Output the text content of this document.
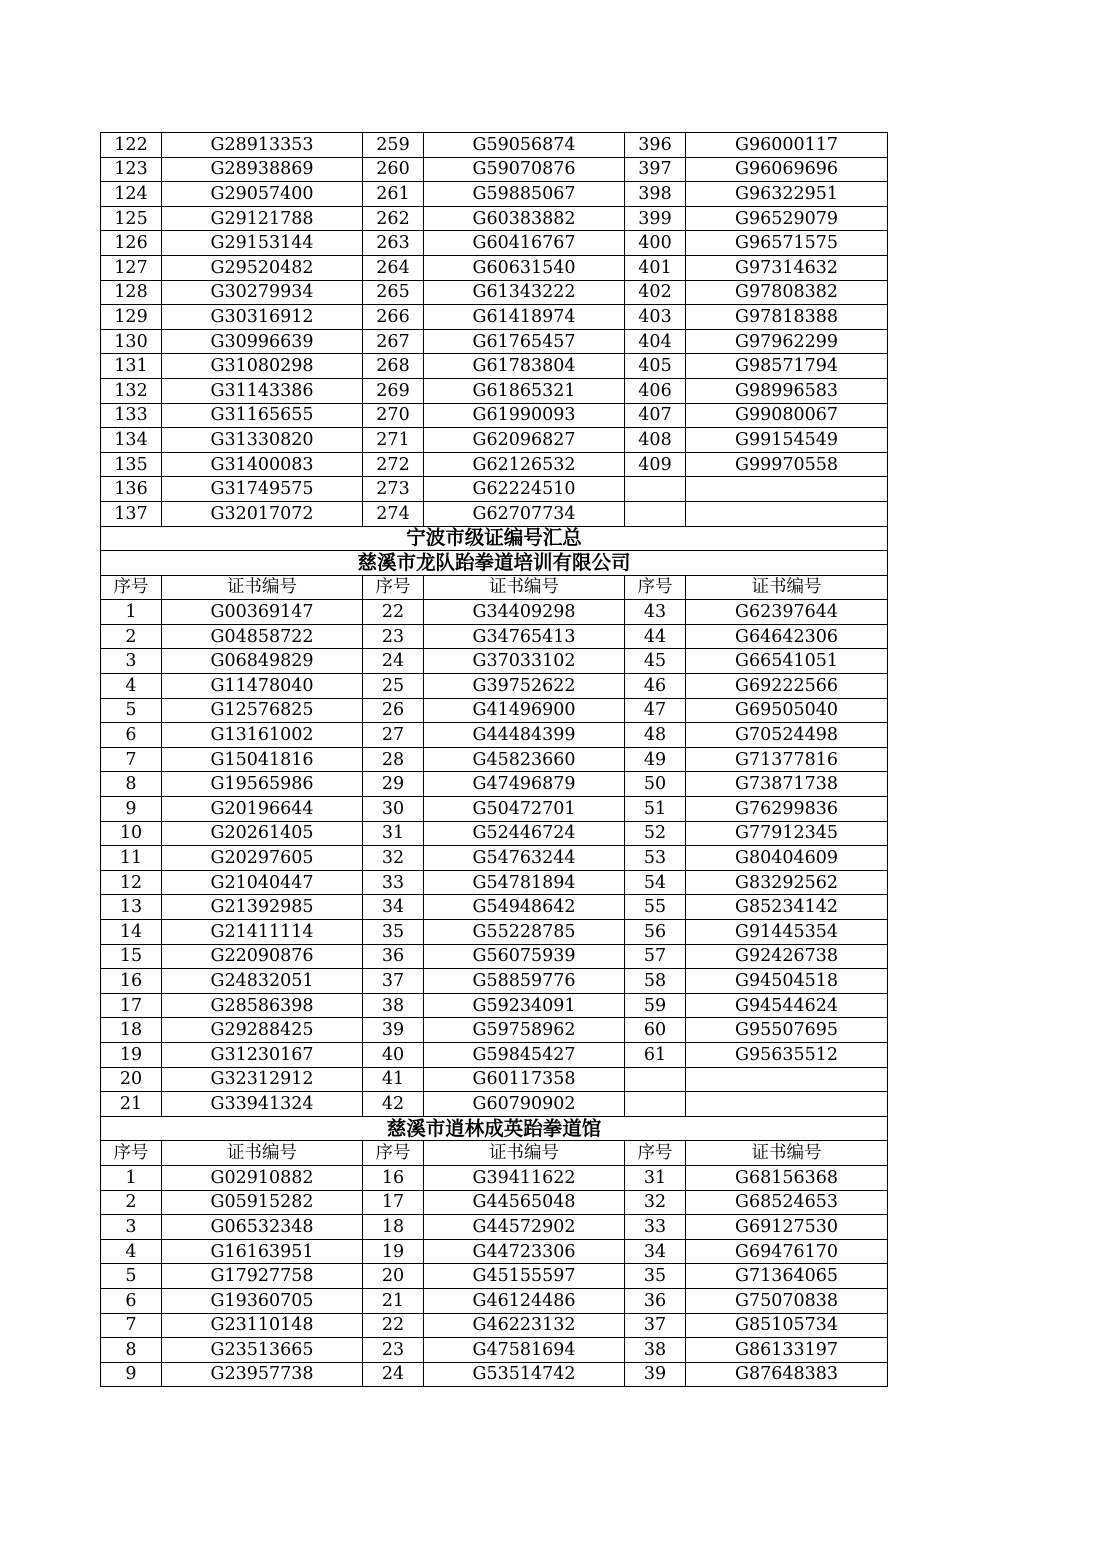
122	G28913353	259	G59056874	396	G96000117
123	G28938869	260	G59070876	397	G96069696
124	G29057400	261	G59885067	398	G96322951
125	G29121788	262	G60383882	399	G96529079
126	G29153144	263	G60416767	400	G96571575
127	G29520482	264	G60631540	401	G97314632
128	G30279934	265	G61343222	402	G97808382
129	G30316912	266	G61418974	403	G97818388
130	G30996639	267	G61765457	404	G97962299
131	G31080298	268	G61783804	405	G98571794
132	G31143386	269	G61865321	406	G98996583
133	G31165655	270	G61990093	407	G99080067
134	G31330820	271	G62096827	408	G99154549
135	G31400083	272	G62126532	409	G99970558
136	G31749575	273	G62224510		
137	G32017072	274	G62707734		
宁波市级证编号汇总					
慈溪市龙队跆拳道培训有限公司					
序号	证书编号	序号	证书编号	序号	证书编号
1	G00369147	22	G34409298	43	G62397644
2	G04858722	23	G34765413	44	G64642306
3	G06849829	24	G37033102	45	G66541051
4	G11478040	25	G39752622	46	G69222566
5	G12576825	26	G41496900	47	G69505040
6	G13161002	27	G44484399	48	G70524498
7	G15041816	28	G45823660	49	G71377816
8	G19565986	29	G47496879	50	G73871738
9	G20196644	30	G50472701	51	G76299836
10	G20261405	31	G52446724	52	G77912345
11	G20297605	32	G54763244	53	G80404609
12	G21040447	33	G54781894	54	G83292562
13	G21392985	34	G54948642	55	G85234142
14	G21411114	35	G55228785	56	G91445354
15	G22090876	36	G56075939	57	G92426738
16	G24832051	37	G58859776	58	G94504518
17	G28586398	38	G59234091	59	G94544624
18	G29288425	39	G59758962	60	G95507695
19	G31230167	40	G59845427	61	G95635512
20	G32312912	41	G60117358		
21	G33941324	42	G60790902		
慈溪市逍林成英跆拳道馆					
序号	证书编号	序号	证书编号	序号	证书编号
1	G02910882	16	G39411622	31	G68156368
2	G05915282	17	G44565048	32	G68524653
3	G06532348	18	G44572902	33	G69127530
4	G16163951	19	G44723306	34	G69476170
5	G17927758	20	G45155597	35	G71364065
6	G19360705	21	G46124486	36	G75070838
7	G23110148	22	G46223132	37	G85105734
8	G23513665	23	G47581694	38	G86133197
9	G23957738	24	G53514742	39	G87648383
